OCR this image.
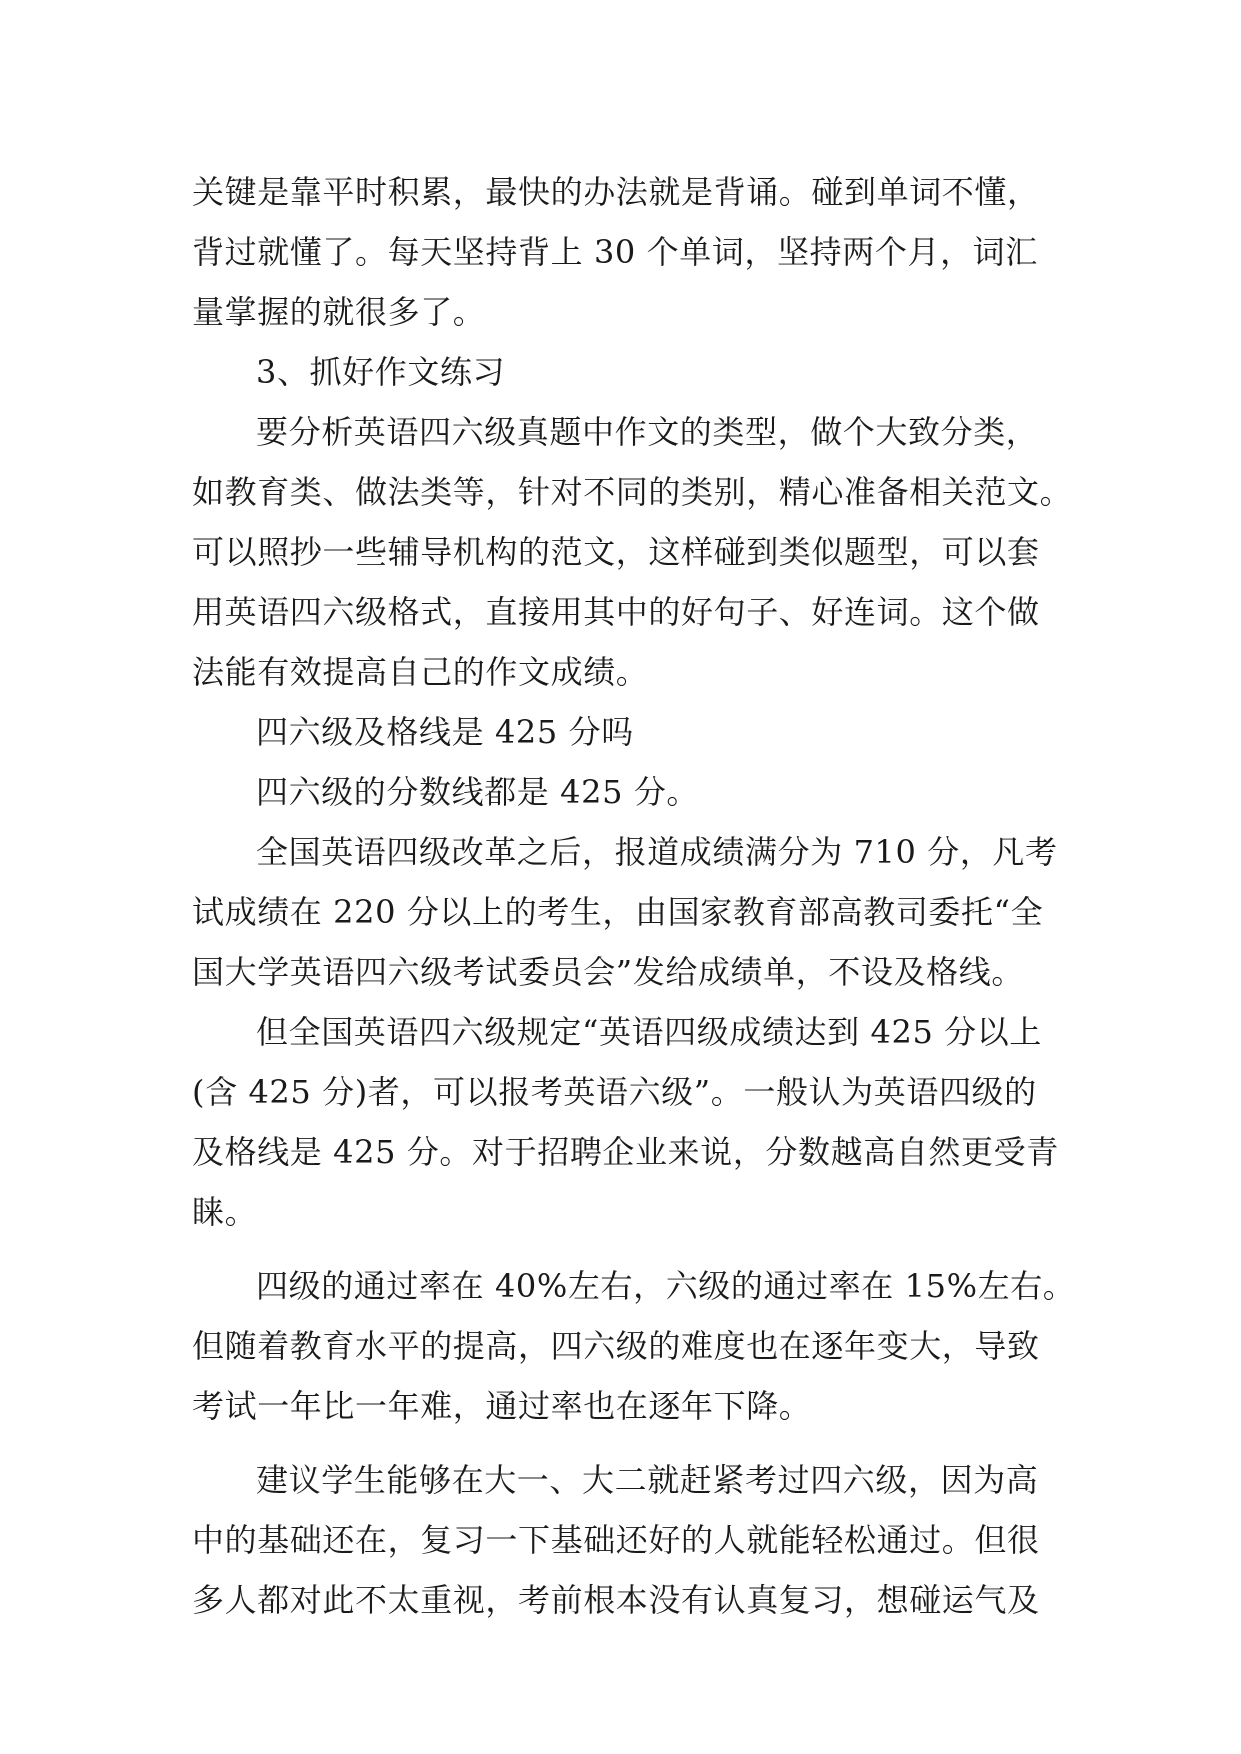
关键是靠平时积累，最快的办法就是背诵。碰到单词不懂，
背过就懂了。每天坚持背上 30 个单词，坚持两个月，词汇
量掌握的就很多了。
3、抓好作文练习
要分析英语四六级真题中作文的类型，做个大致分类，
如教育类、做法类等，针对不同的类别，精心准备相关范文。
可以照抄一些辅导机构的范文，这样碰到类似题型，可以套
用英语四六级格式，直接用其中的好句子、好连词。这个做
法能有效提高自己的作文成绩。
四六级及格线是 425 分吗
四六级的分数线都是 425 分。
全国英语四级改革之后，报道成绩满分为 710 分，凡考
试成绩在 220 分以上的考生，由国家教育部高教司委托“全
国大学英语四六级考试委员会”发给成绩单，不设及格线。
但全国英语四六级规定“英语四级成绩达到 425 分以上
(含 425 分)者，可以报考英语六级”。一般认为英语四级的
及格线是 425 分。对于招聘企业来说，分数越高自然更受青
睐。
四级的通过率在 40%左右，六级的通过率在 15%左右。
但随着教育水平的提高，四六级的难度也在逐年变大，导致
考试一年比一年难，通过率也在逐年下降。
建议学生能够在大一、大二就赶紧考过四六级，因为高
中的基础还在，复习一下基础还好的人就能轻松通过。但很
多人都对此不太重视，考前根本没有认真复习，想碰运气及
